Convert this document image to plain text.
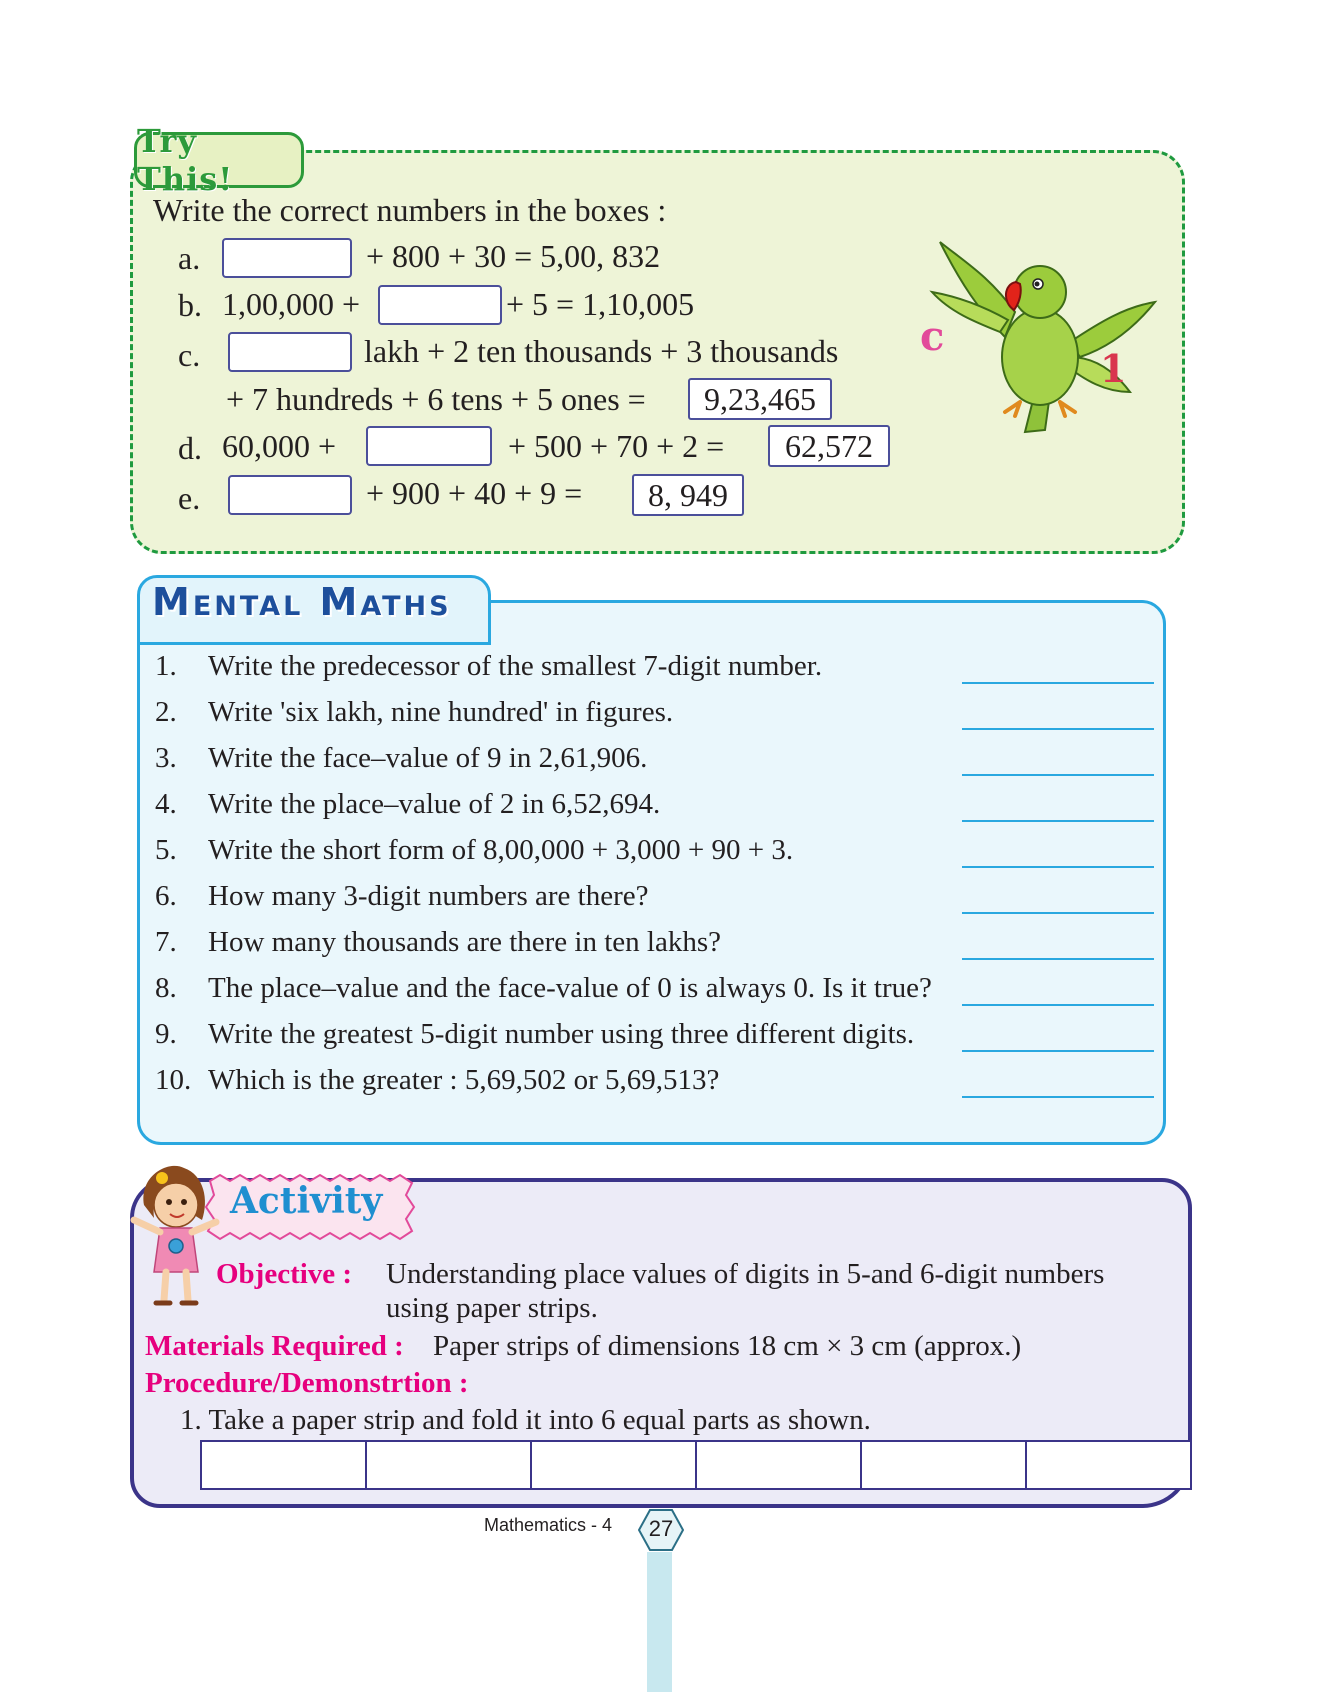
Try This!
Write the correct numbers in the boxes :
a.	+ 800 + 30 = 5,00, 832
b. 1,00,000 +	+ 5 = 1,10,005
c.	lakh + 2 ten thousands + 3 thousands
+ 7 hundreds + 6 tens + 5 ones =	9,23,465
d. 60,000 +	+ 500 + 70 + 2 =	62,572
e.	+ 900 + 40 + 9 =	8, 949
c
1
Mental Maths
1.	Write the predecessor of the smallest 7-digit number.
2.	Write 'six lakh, nine hundred' in figures.
3.	Write the face–value of 9 in 2,61,906.
4.	Write the place–value of 2 in 6,52,694.
5.	Write the short form of 8,00,000 + 3,000 + 90 + 3.
6.	How many 3-digit numbers are there?
7.	How many thousands are there in ten lakhs?
8.	The place–value and the face-value of 0 is always 0. Is it true?
9.	Write the greatest 5-digit number using three different digits.
10. Which is the greater : 5,69,502 or 5,69,513?
Activity
Objective : Understanding place values of digits in 5-and 6-digit numbers
using paper strips.
Materials Required : Paper strips of dimensions 18 cm × 3 cm (approx.)
Procedure/Demonstrtion :
1. Take a paper strip and fold it into 6 equal parts as shown.
Mathematics - 4	27
